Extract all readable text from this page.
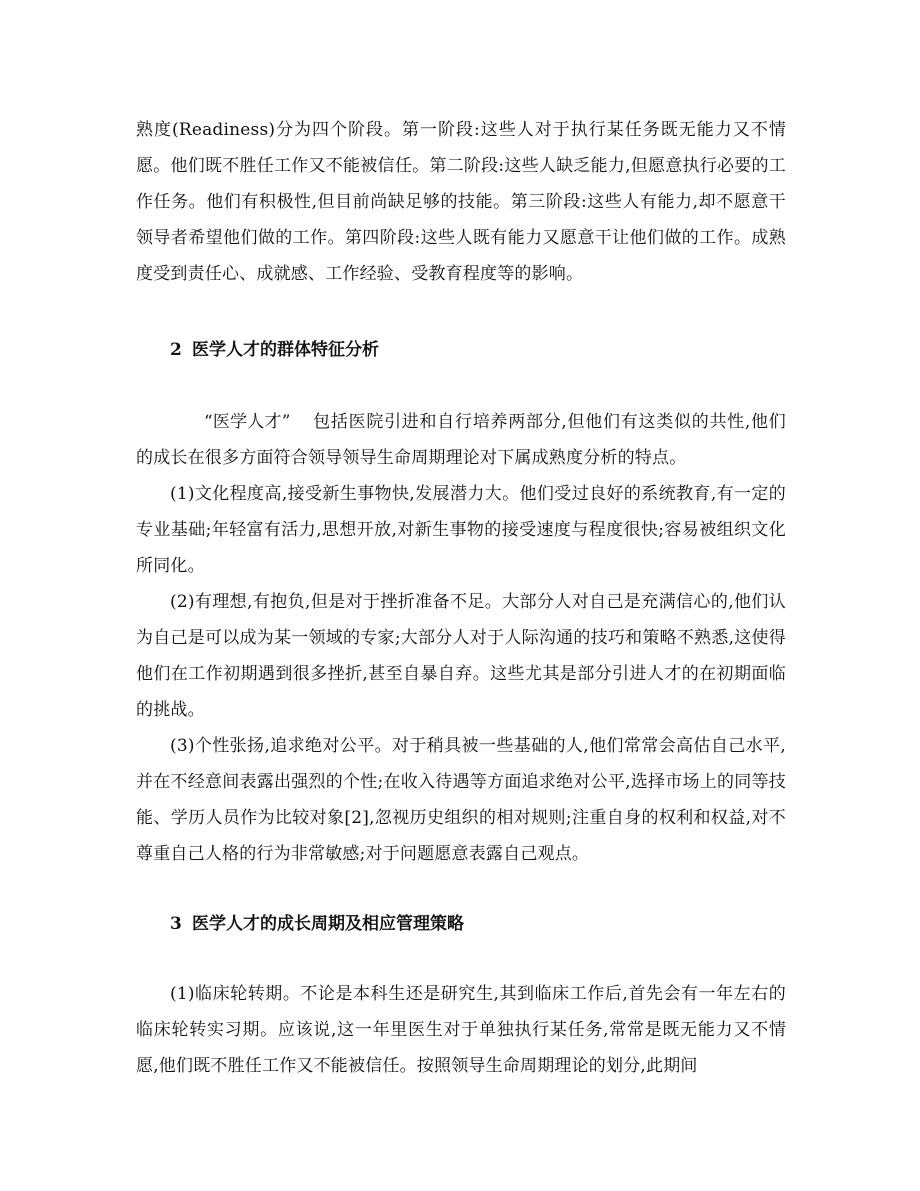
熟度(Readiness)分为四个阶段。第一阶段:这些人对于执行某任务既无能力又不情愿。他们既不胜任工作又不能被信任。第二阶段:这些人缺乏能力,但愿意执行必要的工作任务。他们有积极性,但目前尚缺足够的技能。第三阶段:这些人有能力,却不愿意干领导者希望他们做的工作。第四阶段:这些人既有能力又愿意干让他们做的工作。成熟度受到责任心、成就感、工作经验、受教育程度等的影响。

2 医学人才的群体特征分析

“医学人才” 包括医院引进和自行培养两部分,但他们有这类似的共性,他们的成长在很多方面符合领导领导生命周期理论对下属成熟度分析的特点。

(1)文化程度高,接受新生事物快,发展潜力大。他们受过良好的系统教育,有一定的专业基础;年轻富有活力,思想开放,对新生事物的接受速度与程度很快;容易被组织文化所同化。

(2)有理想,有抱负,但是对于挫折准备不足。大部分人对自己是充满信心的,他们认为自己是可以成为某一领域的专家;大部分人对于人际沟通的技巧和策略不熟悉,这使得他们在工作初期遇到很多挫折,甚至自暴自弃。这些尤其是部分引进人才的在初期面临的挑战。

(3)个性张扬,追求绝对公平。对于稍具被一些基础的人,他们常常会高估自己水平,并在不经意间表露出强烈的个性;在收入待遇等方面追求绝对公平,选择市场上的同等技能、学历人员作为比较对象[2],忽视历史组织的相对规则;注重自身的权利和权益,对不尊重自己人格的行为非常敏感;对于问题愿意表露自己观点。

3 医学人才的成长周期及相应管理策略

(1)临床轮转期。不论是本科生还是研究生,其到临床工作后,首先会有一年左右的临床轮转实习期。应该说,这一年里医生对于单独执行某任务,常常是既无能力又不情愿,他们既不胜任工作又不能被信任。按照领导生命周期理论的划分,此期间
